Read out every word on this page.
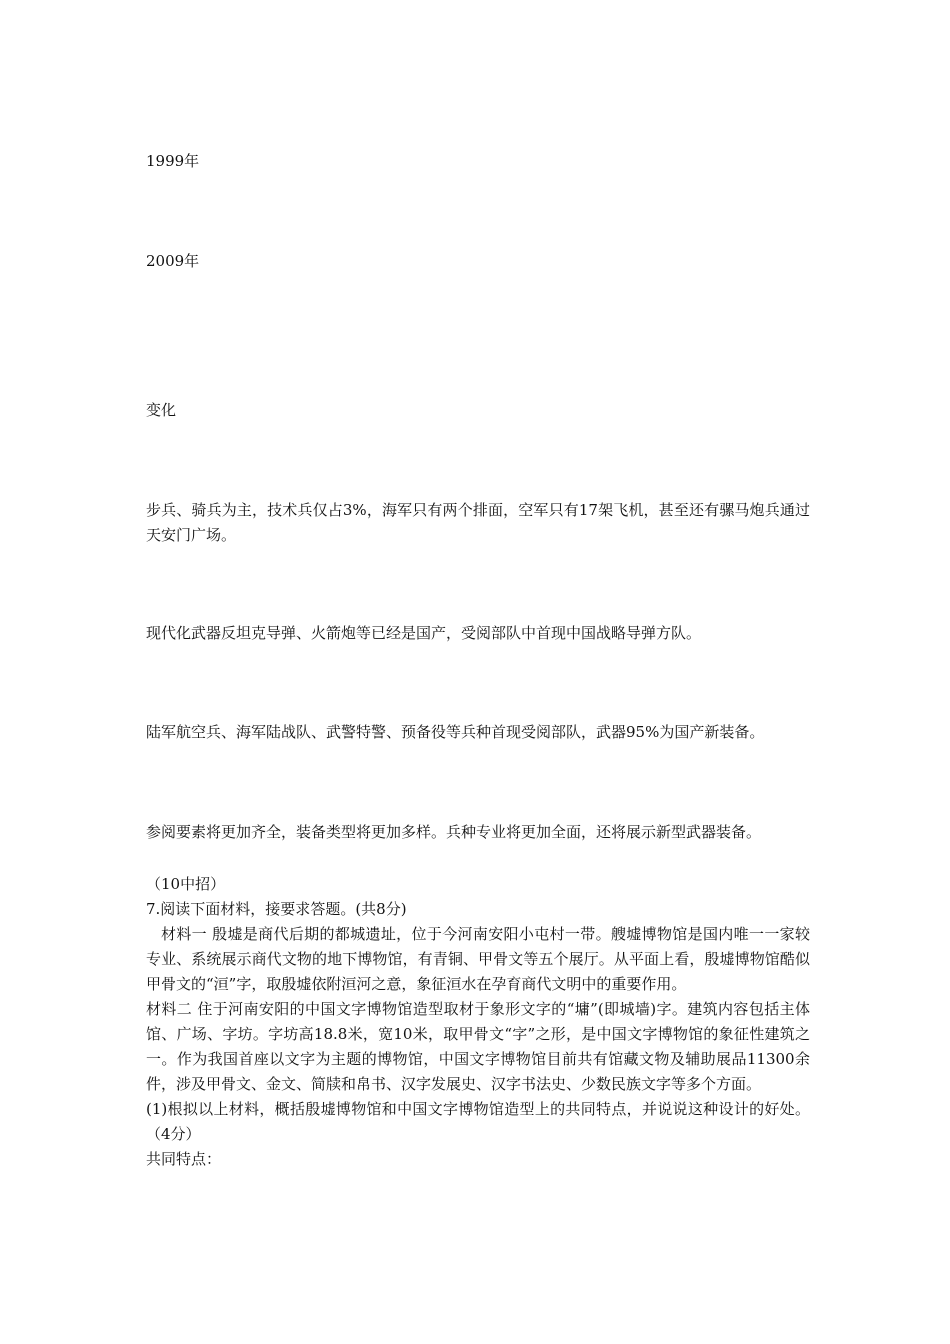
1999年
2009年
变化
步兵、骑兵为主，技术兵仅占3%，海军只有两个排面，空军只有17架飞机，甚至还有骡马炮兵通过天安门广场。
现代化武器反坦克导弹、火箭炮等已经是国产，受阅部队中首现中国战略导弹方队。
陆军航空兵、海军陆战队、武警特警、预备役等兵种首现受阅部队，武器95%为国产新装备。
参阅要素将更加齐全，装备类型将更加多样。兵种专业将更加全面，还将展示新型武器装备。

（10中招）

7.阅读下面材料，接要求答题。(共8分)

材料一 殷墟是商代后期的都城遗址，位于今河南安阳小屯村一带。艘墟博物馆是国内唯一一家较专业、系统展示商代文物的地下博物馆，有青铜、甲骨文等五个展厅。从平面上看，殷墟博物馆酷似甲骨文的“洹”字，取殷墟依附洹河之意，象征洹水在孕育商代文明中的重要作用。

材料二 住于河南安阳的中国文字博物馆造型取材于象形文字的“墉”(即城墙)字。建筑内容包括主体馆、广场、字坊。字坊高18.8米，宽10米，取甲骨文“字”之形，是中国文字博物馆的象征性建筑之一。作为我国首座以文字为主题的博物馆，中国文字博物馆目前共有馆藏文物及辅助展品11300余件，涉及甲骨文、金文、简牍和帛书、汉字发展史、汉字书法史、少数民族文字等多个方面。

(1)根拟以上材料，概括殷墟博物馆和中国文字博物馆造型上的共同特点，并说说这种设计的好处。（4分）

共同特点：
